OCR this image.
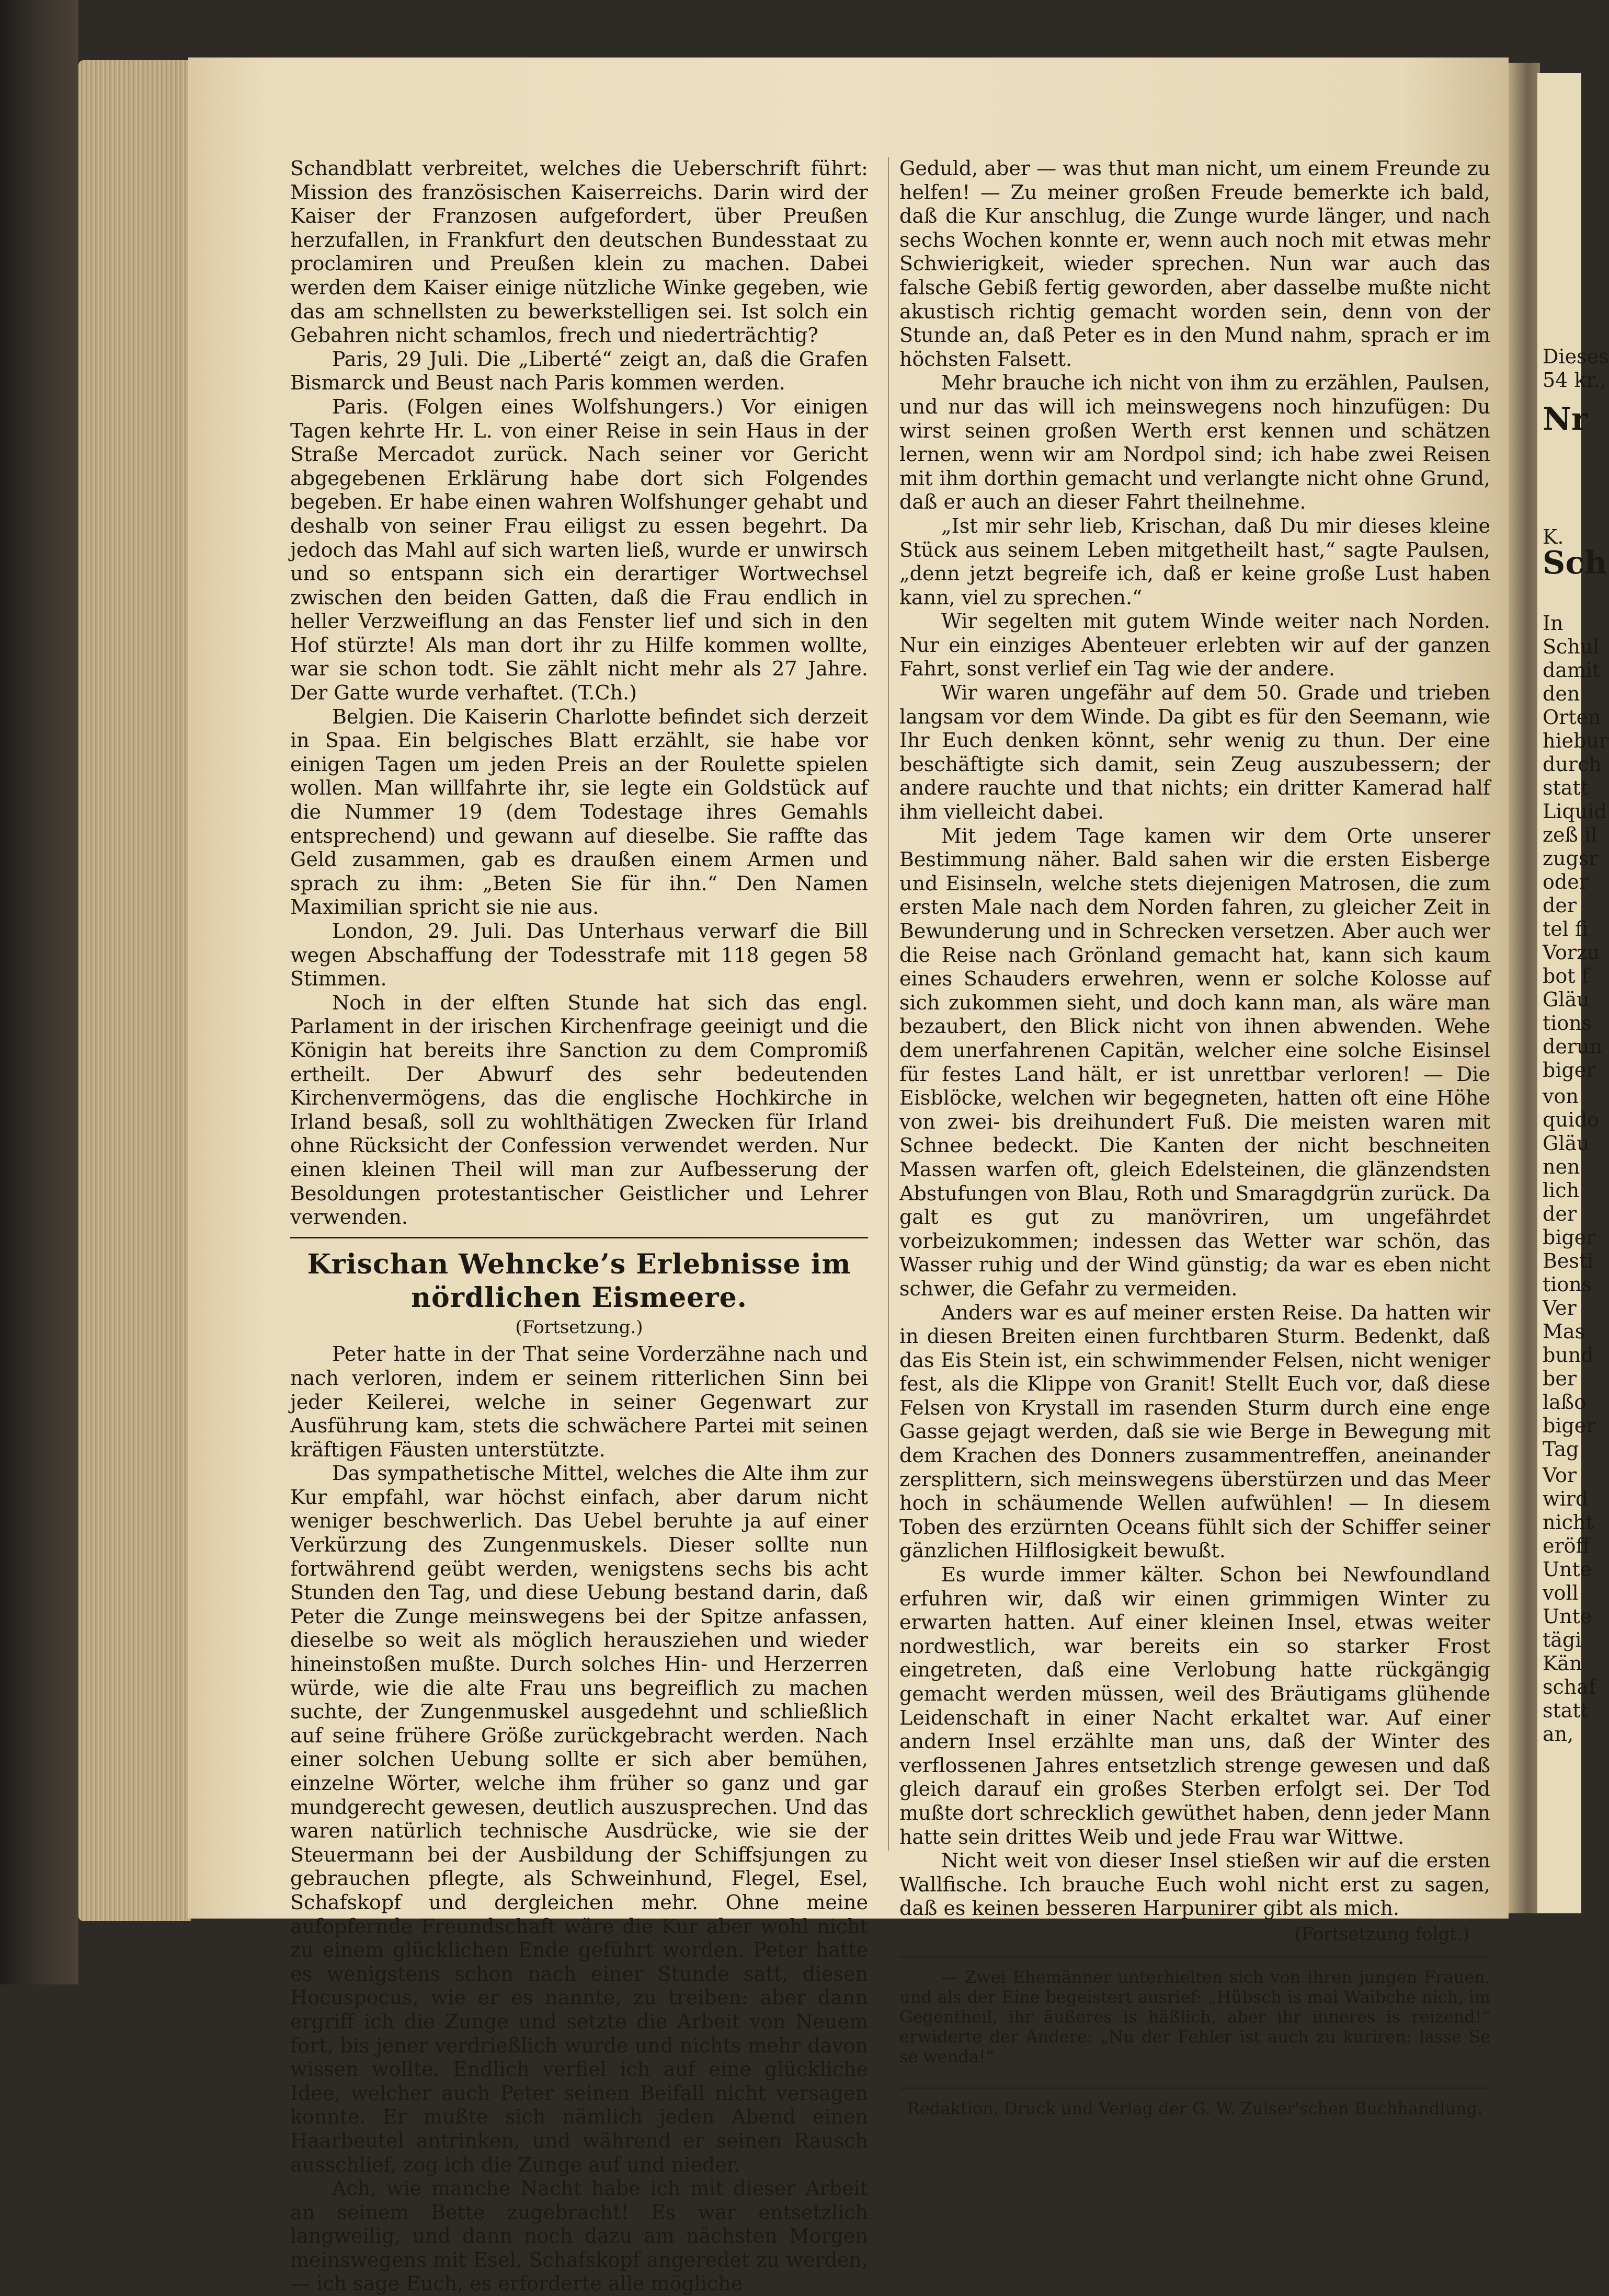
Schandblatt verbreitet, welches die Ueberschrift führt: Mission des französischen Kaiserreichs. Darin wird der Kaiser der Franzosen aufgefordert, über Preußen herzufallen, in Frankfurt den deutschen Bundesstaat zu proclamiren und Preußen klein zu machen. Dabei werden dem Kaiser einige nützliche Winke gegeben, wie das am schnellsten zu bewerkstelligen sei. Ist solch ein Gebahren nicht schamlos, frech und niederträchtig?

Paris, 29 Juli. Die „Liberté“ zeigt an, daß die Grafen Bismarck und Beust nach Paris kommen werden.

Paris. (Folgen eines Wolfshungers.) Vor einigen Tagen kehrte Hr. L. von einer Reise in sein Haus in der Straße Mercadot zurück. Nach seiner vor Gericht abgegebenen Erklärung habe dort sich Folgendes begeben. Er habe einen wahren Wolfshunger gehabt und deshalb von seiner Frau eiligst zu essen begehrt. Da jedoch das Mahl auf sich warten ließ, wurde er unwirsch und so entspann sich ein derartiger Wortwechsel zwischen den beiden Gatten, daß die Frau endlich in heller Verzweiflung an das Fenster lief und sich in den Hof stürzte! Als man dort ihr zu Hilfe kommen wollte, war sie schon todt. Sie zählt nicht mehr als 27 Jahre. Der Gatte wurde verhaftet. (T.Ch.)

Belgien. Die Kaiserin Charlotte befindet sich derzeit in Spaa. Ein belgisches Blatt erzählt, sie habe vor einigen Tagen um jeden Preis an der Roulette spielen wollen. Man willfahrte ihr, sie legte ein Goldstück auf die Nummer 19 (dem Todestage ihres Gemahls entsprechend) und gewann auf dieselbe. Sie raffte das Geld zusammen, gab es draußen einem Armen und sprach zu ihm: „Beten Sie für ihn.“ Den Namen Maximilian spricht sie nie aus.

London, 29. Juli. Das Unterhaus verwarf die Bill wegen Abschaffung der Todesstrafe mit 118 gegen 58 Stimmen.

Noch in der elften Stunde hat sich das engl. Parlament in der irischen Kirchenfrage geeinigt und die Königin hat bereits ihre Sanction zu dem Compromiß ertheilt. Der Abwurf des sehr bedeutenden Kirchenvermögens, das die englische Hochkirche in Irland besaß, soll zu wohlthätigen Zwecken für Irland ohne Rücksicht der Confession verwendet werden. Nur einen kleinen Theil will man zur Aufbesserung der Besoldungen protestantischer Geistlicher und Lehrer verwenden.

Krischan Wehncke’s Erlebnisse im nördlichen Eismeere.
(Fortsetzung.)

Peter hatte in der That seine Vorderzähne nach und nach verloren, indem er seinem ritterlichen Sinn bei jeder Keilerei, welche in seiner Gegenwart zur Ausführung kam, stets die schwächere Partei mit seinen kräftigen Fäusten unterstützte.

Das sympathetische Mittel, welches die Alte ihm zur Kur empfahl, war höchst einfach, aber darum nicht weniger beschwerlich. Das Uebel beruhte ja auf einer Verkürzung des Zungenmuskels. Dieser sollte nun fortwährend geübt werden, wenigstens sechs bis acht Stunden den Tag, und diese Uebung bestand darin, daß Peter die Zunge meinswegens bei der Spitze anfassen, dieselbe so weit als möglich herausziehen und wieder hineinstoßen mußte. Durch solches Hin- und Herzerren würde, wie die alte Frau uns begreiflich zu machen suchte, der Zungenmuskel ausgedehnt und schließlich auf seine frühere Größe zurückgebracht werden. Nach einer solchen Uebung sollte er sich aber bemühen, einzelne Wörter, welche ihm früher so ganz und gar mundgerecht gewesen, deutlich auszusprechen. Und das waren natürlich technische Ausdrücke, wie sie der Steuermann bei der Ausbildung der Schiffsjungen zu gebrauchen pflegte, als Schweinhund, Flegel, Esel, Schafskopf und dergleichen mehr. Ohne meine aufopfernde Freundschaft wäre die Kur aber wohl nicht zu einem glücklichen Ende geführt worden. Peter hatte es wenigstens schon nach einer Stunde satt, diesen Hocuspocus, wie er es nannte, zu treiben: aber dann ergriff ich die Zunge und setzte die Arbeit von Neuem fort, bis jener verdrießlich wurde und nichts mehr davon wissen wollte. Endlich verfiel ich auf eine glückliche Idee, welcher auch Peter seinen Beifall nicht versagen konnte. Er mußte sich nämlich jeden Abend einen Haarbeutel antrinken, und während er seinen Rausch ausschlief, zog ich die Zunge auf und nieder.

Ach, wie manche Nacht habe ich mit dieser Arbeit an seinem Bette zugebracht! Es war entsetzlich langweilig, und dann noch dazu am nächsten Morgen meinswegens mit Esel, Schafskopf angeredet zu werden, — ich sage Euch, es erforderte alle mögliche

Geduld, aber — was thut man nicht, um einem Freunde zu helfen! — Zu meiner großen Freude bemerkte ich bald, daß die Kur anschlug, die Zunge wurde länger, und nach sechs Wochen konnte er, wenn auch noch mit etwas mehr Schwierigkeit, wieder sprechen. Nun war auch das falsche Gebiß fertig geworden, aber dasselbe mußte nicht akustisch richtig gemacht worden sein, denn von der Stunde an, daß Peter es in den Mund nahm, sprach er im höchsten Falsett.

Mehr brauche ich nicht von ihm zu erzählen, Paulsen, und nur das will ich meinswegens noch hinzufügen: Du wirst seinen großen Werth erst kennen und schätzen lernen, wenn wir am Nordpol sind; ich habe zwei Reisen mit ihm dorthin gemacht und verlangte nicht ohne Grund, daß er auch an dieser Fahrt theilnehme.

„Ist mir sehr lieb, Krischan, daß Du mir dieses kleine Stück aus seinem Leben mitgetheilt hast,“ sagte Paulsen, „denn jetzt begreife ich, daß er keine große Lust haben kann, viel zu sprechen.“

Wir segelten mit gutem Winde weiter nach Norden. Nur ein einziges Abenteuer erlebten wir auf der ganzen Fahrt, sonst verlief ein Tag wie der andere.

Wir waren ungefähr auf dem 50. Grade und trieben langsam vor dem Winde. Da gibt es für den Seemann, wie Ihr Euch denken könnt, sehr wenig zu thun. Der eine beschäftigte sich damit, sein Zeug auszubessern; der andere rauchte und that nichts; ein dritter Kamerad half ihm vielleicht dabei.

Mit jedem Tage kamen wir dem Orte unserer Bestimmung näher. Bald sahen wir die ersten Eisberge und Eisinseln, welche stets diejenigen Matrosen, die zum ersten Male nach dem Norden fahren, zu gleicher Zeit in Bewunderung und in Schrecken versetzen. Aber auch wer die Reise nach Grönland gemacht hat, kann sich kaum eines Schauders erwehren, wenn er solche Kolosse auf sich zukommen sieht, und doch kann man, als wäre man bezaubert, den Blick nicht von ihnen abwenden. Wehe dem unerfahrenen Capitän, welcher eine solche Eisinsel für festes Land hält, er ist unrettbar verloren! — Die Eisblöcke, welchen wir begegneten, hatten oft eine Höhe von zwei- bis dreihundert Fuß. Die meisten waren mit Schnee bedeckt. Die Kanten der nicht beschneiten Massen warfen oft, gleich Edelsteinen, die glänzendsten Abstufungen von Blau, Roth und Smaragdgrün zurück. Da galt es gut zu manövriren, um ungefährdet vorbeizukommen; indessen das Wetter war schön, das Wasser ruhig und der Wind günstig; da war es eben nicht schwer, die Gefahr zu vermeiden.

Anders war es auf meiner ersten Reise. Da hatten wir in diesen Breiten einen furchtbaren Sturm. Bedenkt, daß das Eis Stein ist, ein schwimmender Felsen, nicht weniger fest, als die Klippe von Granit! Stellt Euch vor, daß diese Felsen von Krystall im rasenden Sturm durch eine enge Gasse gejagt werden, daß sie wie Berge in Bewegung mit dem Krachen des Donners zusammentreffen, aneinander zersplittern, sich meinswegens überstürzen und das Meer hoch in schäumende Wellen aufwühlen! — In diesem Toben des erzürnten Oceans fühlt sich der Schiffer seiner gänzlichen Hilflosigkeit bewußt.

Es wurde immer kälter. Schon bei Newfoundland erfuhren wir, daß wir einen grimmigen Winter zu erwarten hatten. Auf einer kleinen Insel, etwas weiter nordwestlich, war bereits ein so starker Frost eingetreten, daß eine Verlobung hatte rückgängig gemacht werden müssen, weil des Bräutigams glühende Leidenschaft in einer Nacht erkaltet war. Auf einer andern Insel erzählte man uns, daß der Winter des verflossenen Jahres entsetzlich strenge gewesen und daß gleich darauf ein großes Sterben erfolgt sei. Der Tod mußte dort schrecklich gewüthet haben, denn jeder Mann hatte sein drittes Weib und jede Frau war Wittwe.

Nicht weit von dieser Insel stießen wir auf die ersten Wallfische. Ich brauche Euch wohl nicht erst zu sagen, daß es keinen besseren Harpunirer gibt als mich.

(Fortsetzung folgt.)

— Zwei Ehemänner unterhielten sich von ihren jungen Frauen, und als der Eine begeistert ausrief: „Hübsch is mai Waibche nich, im Gegentheil, ihr äußeres is häßlich, aber ihr inneres is reizend!“ erwiderte der Andere: „Nu der Fehler ist auch zu kuriren: lasse Se se wenda!“

Redaktion, Druck und Verlag der G. W. Zuiser'schen Buchhandlung.
Dieses
54 kr.,
Nr
K.
Sch
In
Schul
damit
den
Orten
hiebur
durch
statt
Liquid
zeß il
zugsr
oder
der
tel fi
Vorzu
bot f
Gläu
tions
derun
biger
von
quido
Gläu
nen
lich
der
biger
Besti
tions
Ver
Mas
bund
ber
laßo
biger
Tag
Vor
wird
nicht
eröff
Unte
voll
Unte
tägi
Kän
schaf
statt
an,
